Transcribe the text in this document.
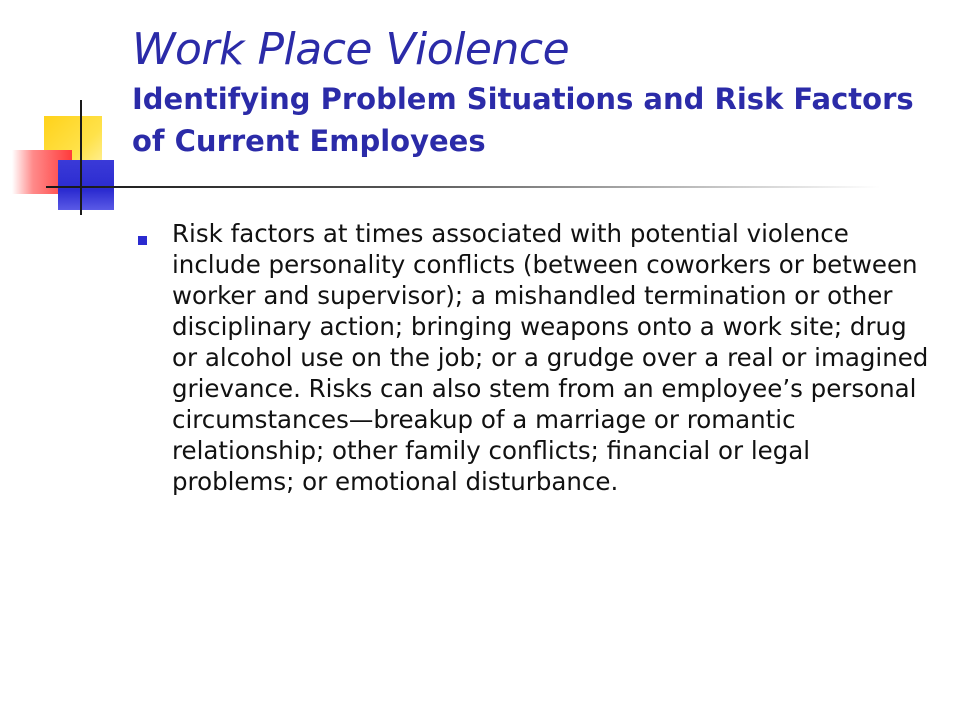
Work Place Violence
Identifying Problem Situations and Risk Factors of Current Employees
Risk factors at times associated with potential violence include personality conflicts (between coworkers or between worker and supervisor); a mishandled termination or other disciplinary action; bringing weapons onto a work site; drug or alcohol use on the job; or a grudge over a real or imagined grievance. Risks can also stem from an employee’s personal circumstances—breakup of a marriage or romantic relationship; other family conflicts; financial or legal problems; or emotional disturbance.
